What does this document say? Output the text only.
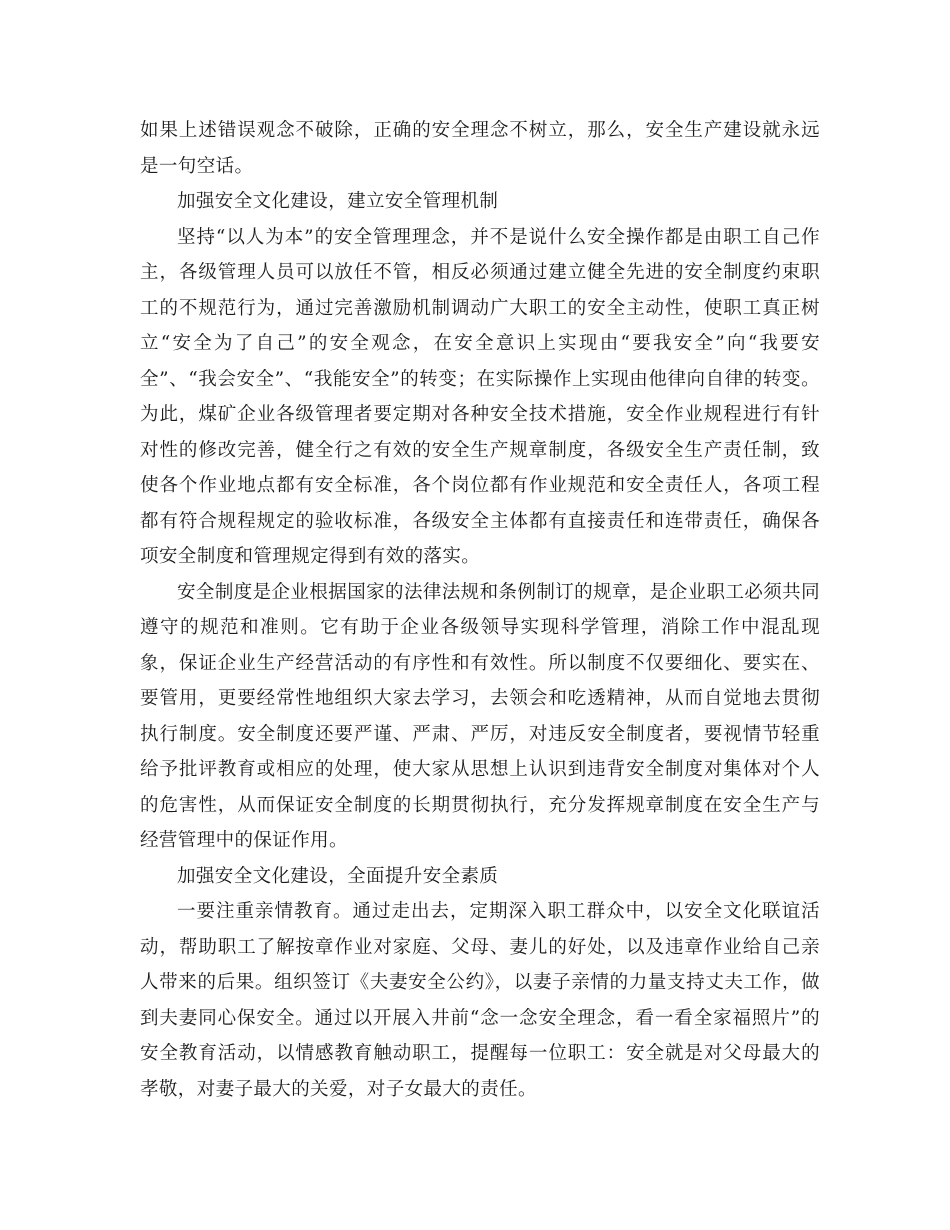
如果上述错误观念不破除，正确的安全理念不树立，那么，安全生产建设就永远是一句空话。

加强安全文化建设，建立安全管理机制

坚持“以人为本”的安全管理理念，并不是说什么安全操作都是由职工自己作主，各级管理人员可以放任不管，相反必须通过建立健全先进的安全制度约束职工的不规范行为，通过完善激励机制调动广大职工的安全主动性，使职工真正树立“安全为了自己”的安全观念，在安全意识上实现由“要我安全”向“我要安全”、“我会安全”、“我能安全”的转变；在实际操作上实现由他律向自律的转变。为此，煤矿企业各级管理者要定期对各种安全技术措施，安全作业规程进行有针对性的修改完善，健全行之有效的安全生产规章制度，各级安全生产责任制，致使各个作业地点都有安全标准，各个岗位都有作业规范和安全责任人，各项工程都有符合规程规定的验收标准，各级安全主体都有直接责任和连带责任，确保各项安全制度和管理规定得到有效的落实。

安全制度是企业根据国家的法律法规和条例制订的规章，是企业职工必须共同遵守的规范和准则。它有助于企业各级领导实现科学管理，消除工作中混乱现象，保证企业生产经营活动的有序性和有效性。所以制度不仅要细化、要实在、要管用，更要经常性地组织大家去学习，去领会和吃透精神，从而自觉地去贯彻执行制度。安全制度还要严谨、严肃、严厉，对违反安全制度者，要视情节轻重给予批评教育或相应的处理，使大家从思想上认识到违背安全制度对集体对个人的危害性，从而保证安全制度的长期贯彻执行，充分发挥规章制度在安全生产与经营管理中的保证作用。

加强安全文化建设，全面提升安全素质

一要注重亲情教育。通过走出去，定期深入职工群众中，以安全文化联谊活动，帮助职工了解按章作业对家庭、父母、妻儿的好处，以及违章作业给自己亲人带来的后果。组织签订《夫妻安全公约》，以妻子亲情的力量支持丈夫工作，做到夫妻同心保安全。通过以开展入井前“念一念安全理念，看一看全家福照片”的安全教育活动，以情感教育触动职工，提醒每一位职工：安全就是对父母最大的孝敬，对妻子最大的关爱，对子女最大的责任。
